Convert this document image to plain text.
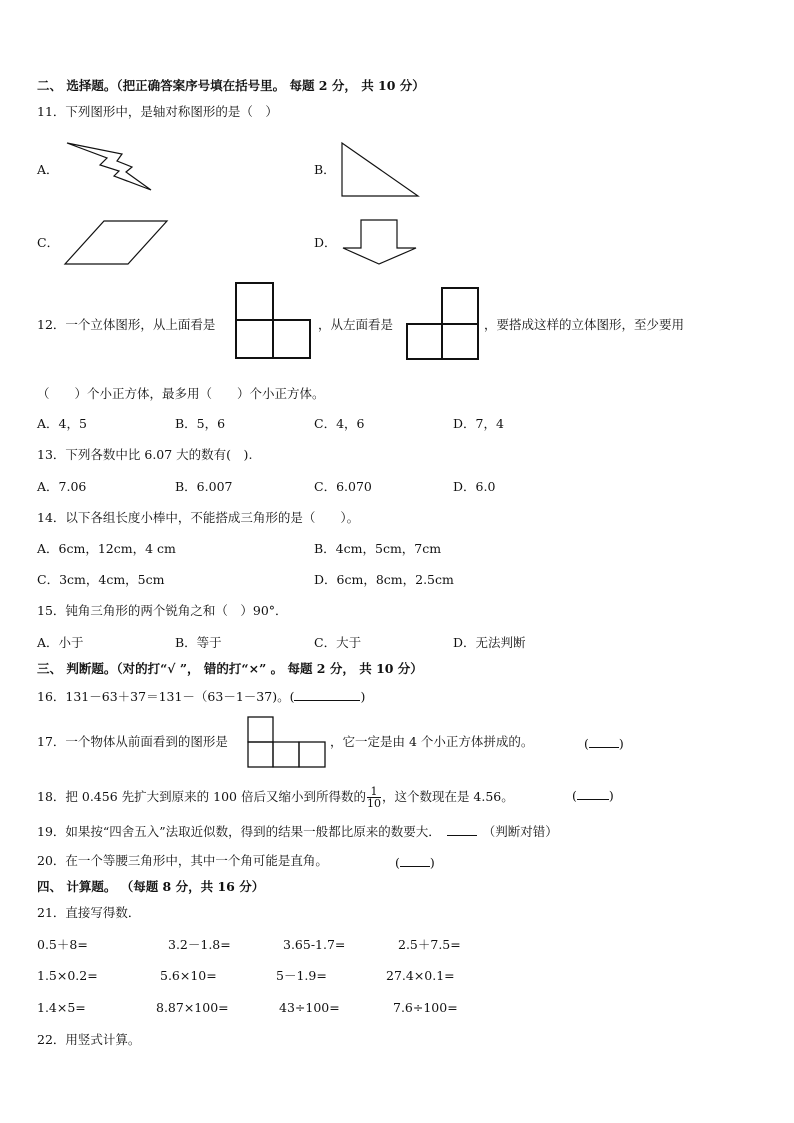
二、 选择题。（把正确答案序号填在括号里。 每题 2 分， 共 10 分）
11．下列图形中，是轴对称图形的是（　）
A．	B．
C．	D．
12．一个立体图形，从上面看是	，从左面看是	，要搭成这样的立体图形，至少要用
（　　）个小正方体，最多用（　　）个小正方体。
A．4，5	B．5，6	C．4，6	D．7，4
13．下列各数中比 6.07 大的数有(　).
A．7.06	B．6.007	C．6.070	D．6.0
14．以下各组长度小棒中，不能搭成三角形的是（　　）。
A．6cm，12cm，4 cm	B．4cm，5cm，7cm
C．3cm，4cm，5cm	D．6cm，8cm，2.5cm
15．钝角三角形的两个锐角之和（　）90°．
A．小于	B．等于	C．大于	D．无法判断
三、 判断题。（对的打“√ ”， 错的打“×” 。 每题 2 分， 共 10 分）
16．131－63＋37＝131－（63－1－37)。(	)
17．一个物体从前面看到的图形是	，它一定是由 4 个小正方体拼成的。	( )
18．把 0.456 先扩大到原来的 100 倍后又缩小到所得数的 $\frac{1}{10}$ ，这个数现在是 4.56。	(	)
19．如果按“四舍五入”法取近似数，得到的结果一般都比原来的数要大．	（判断对错）
20．在一个等腰三角形中，其中一个角可能是直角。	( )
四、 计算题。 （每题 8 分，共 16 分）
21．直接写得数．
0.5＋8=	3.2－1.8=	3.65-1.7=	2.5＋7.5=
1.5×0.2=	5.6×10=	5－1.9=	27.4×0.1=
1.4×5=	8.87×100=	43÷100=	7.6÷100=
22．用竖式计算。
